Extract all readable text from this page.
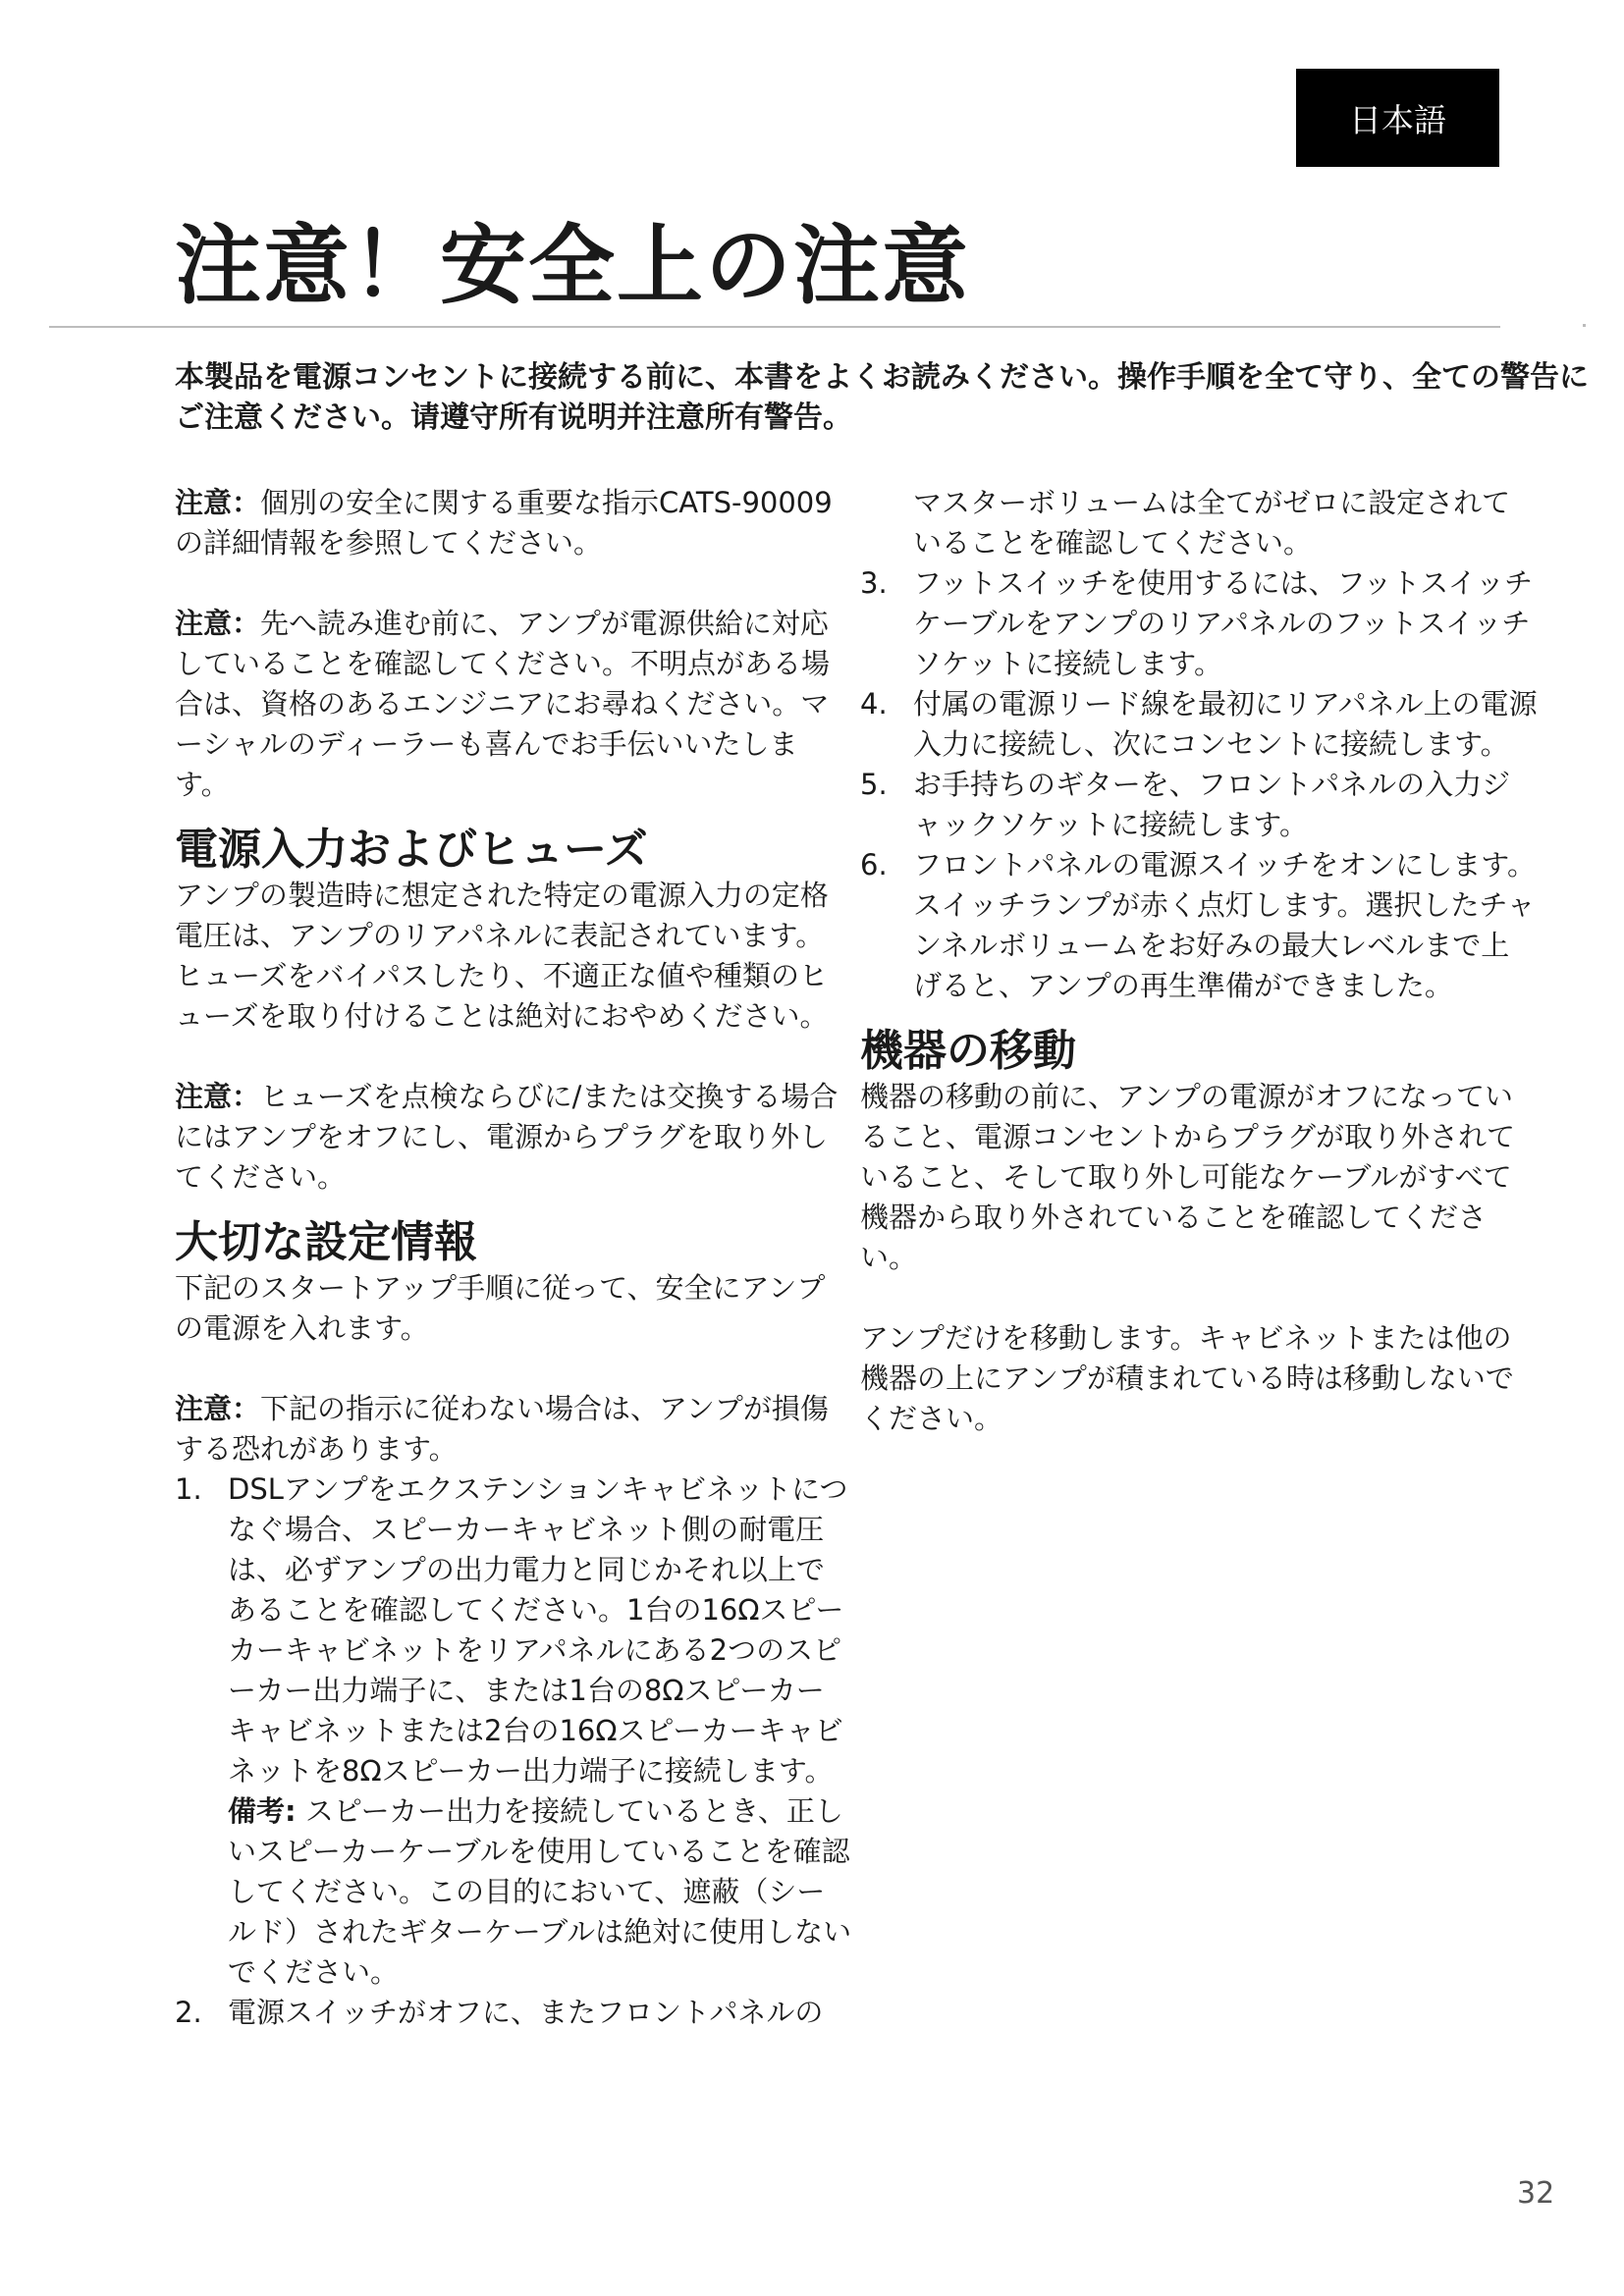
日本語
注意！安全上の注意

本製品を電源コンセントに接続する前に、本書をよくお読みください。操作手順を全て守り、全ての警告にご注意ください。请遵守所有说明并注意所有警告。

注意：個別の安全に関する重要な指示CATS-90009の詳細情報を参照してください。

注意：先へ読み進む前に、アンプが電源供給に対応していることを確認してください。不明点がある場合は、資格のあるエンジニアにお尋ねください。マーシャルのディーラーも喜んでお手伝いいたします。

電源入力およびヒューズ

アンプの製造時に想定された特定の電源入力の定格電圧は、アンプのリアパネルに表記されています。ヒューズをバイパスしたり、不適正な値や種類のヒューズを取り付けることは絶対におやめください。

注意：ヒューズを点検ならびに/または交換する場合にはアンプをオフにし、電源からプラグを取り外してください。

大切な設定情報

下記のスタートアップ手順に従って、安全にアンプの電源を入れます。

注意：下記の指示に従わない場合は、アンプが損傷する恐れがあります。

1. DSLアンプをエクステンションキャビネットにつなぐ場合、スピーカーキャビネット側の耐電圧は、必ずアンプの出力電力と同じかそれ以上であることを確認してください。1台の16Ωスピーカーキャビネットをリアパネルにある2つのスピーカー出力端子に、または1台の8Ωスピーカーキャビネットまたは2台の16Ωスピーカーキャビネットを8Ωスピーカー出力端子に接続します。

備考: スピーカー出力を接続しているとき、正しいスピーカーケーブルを使用していることを確認してください。この目的において、遮蔽（シールド）されたギターケーブルは絶対に使用しないでください。

2. 電源スイッチがオフに、またフロントパネルの

マスターボリュームは全てがゼロに設定されていることを確認してください。

3. フットスイッチを使用するには、フットスイッチケーブルをアンプのリアパネルのフットスイッチソケットに接続します。

4. 付属の電源リード線を最初にリアパネル上の電源入力に接続し、次にコンセントに接続します。

5. お手持ちのギターを、フロントパネルの入力ジャックソケットに接続します。

6. フロントパネルの電源スイッチをオンにします。スイッチランプが赤く点灯します。選択したチャンネルボリュームをお好みの最大レベルまで上げると、アンプの再生準備ができました。

機器の移動

機器の移動の前に、アンプの電源がオフになっていること、電源コンセントからプラグが取り外されていること、そして取り外し可能なケーブルがすべて機器から取り外されていることを確認してください。

アンプだけを移動します。キャビネットまたは他の機器の上にアンプが積まれている時は移動しないでください。

32
